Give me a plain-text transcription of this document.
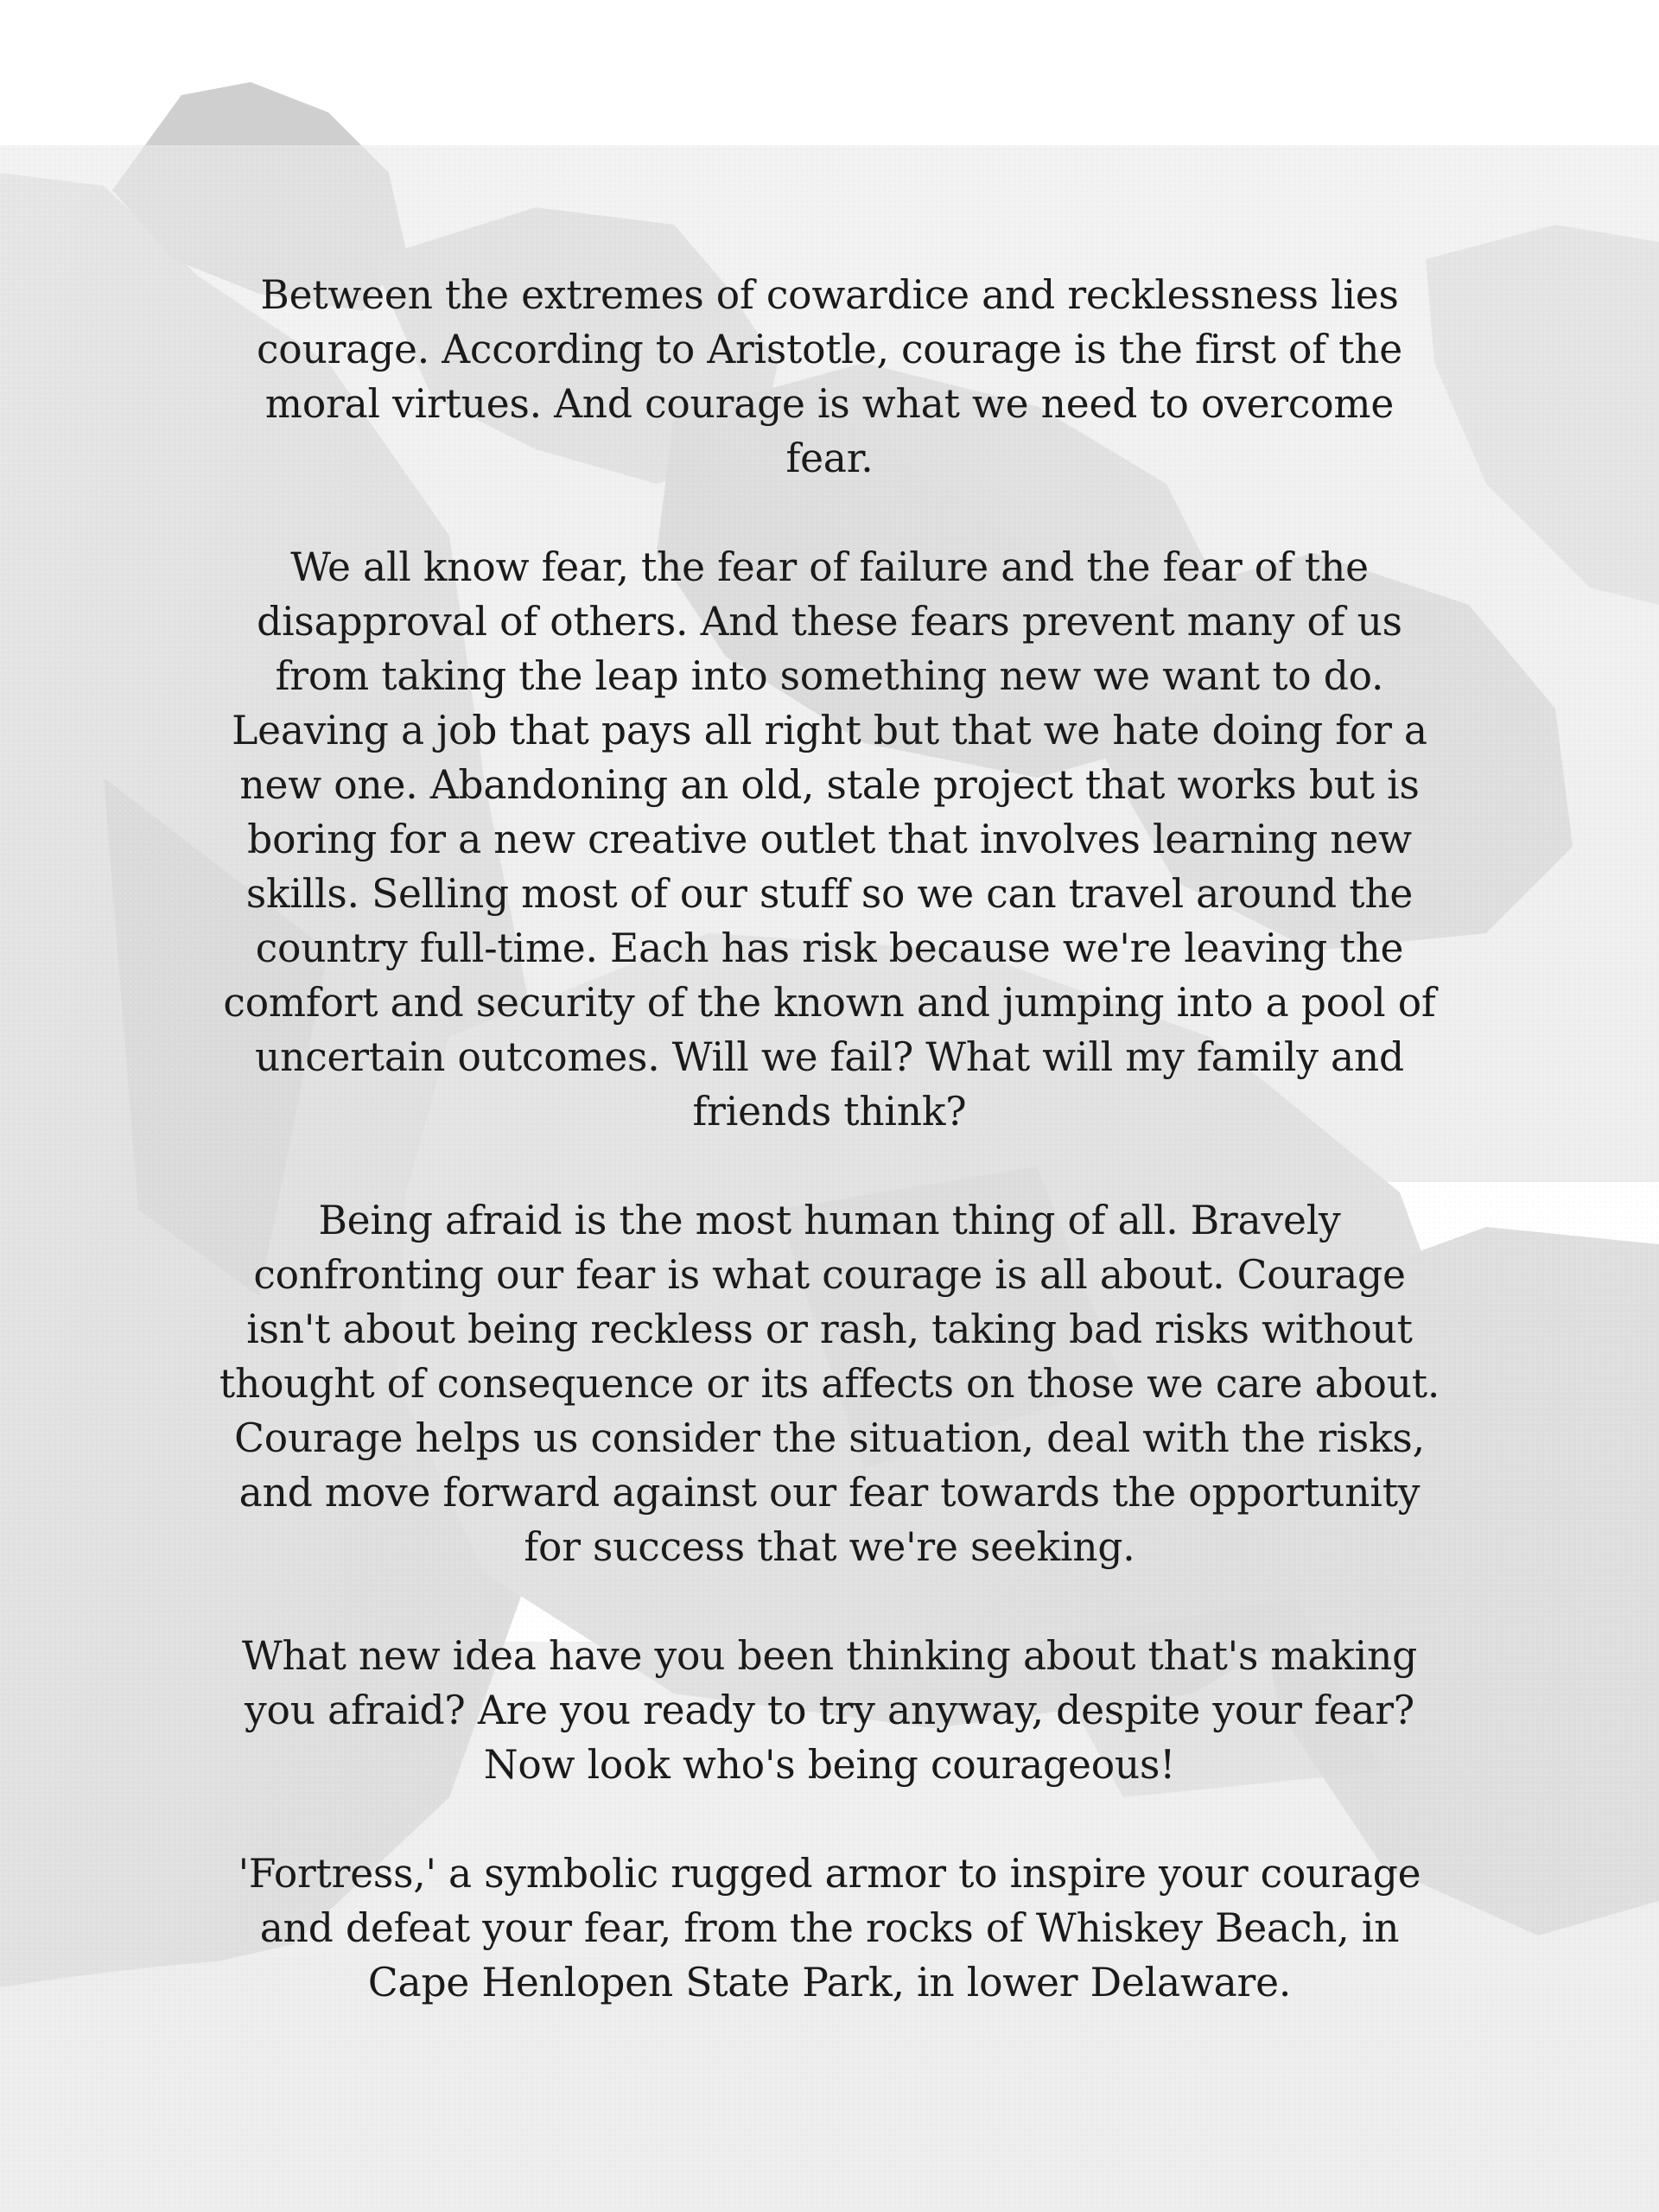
Between the extremes of cowardice and recklessness lies courage. According to Aristotle, courage is the first of the moral virtues. And courage is what we need to overcome fear.

We all know fear, the fear of failure and the fear of the disapproval of others. And these fears prevent many of us from taking the leap into something new we want to do. Leaving a job that pays all right but that we hate doing for a new one. Abandoning an old, stale project that works but is boring for a new creative outlet that involves learning new skills. Selling most of our stuff so we can travel around the country full-time. Each has risk because we're leaving the comfort and security of the known and jumping into a pool of uncertain outcomes. Will we fail? What will my family and friends think?

Being afraid is the most human thing of all. Bravely confronting our fear is what courage is all about. Courage isn't about being reckless or rash, taking bad risks without thought of consequence or its affects on those we care about. Courage helps us consider the situation, deal with the risks, and move forward against our fear towards the opportunity for success that we're seeking.

What new idea have you been thinking about that's making you afraid? Are you ready to try anyway, despite your fear? Now look who's being courageous!

'Fortress,' a symbolic rugged armor to inspire your courage and defeat your fear, from the rocks of Whiskey Beach, in Cape Henlopen State Park, in lower Delaware.
